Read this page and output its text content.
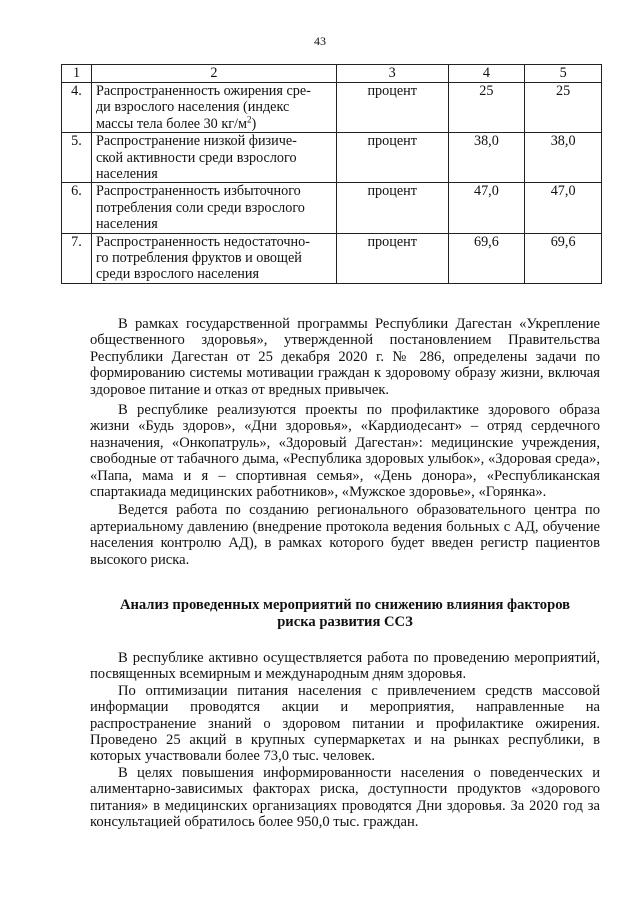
43
1	2	3	4	5
4.	Распространенность ожирения сре-
ди взрослого населения (индекс
массы тела более 30 $кг/м^2$)	процент	25	25
5.	Распространение низкой физиче-
ской активности среди взрослого
населения	процент	38,0	38,0
6.	Распространенность избыточного
потребления соли среди взрослого
населения	процент	47,0	47,0
7.	Распространенность недостаточно-
го потребления фруктов и овощей
среди взрослого населения	процент	69,6	69,6

В рамках государственной программы Республики Дагестан «Укрепление общественного здоровья», утвержденной постановлением Правительства Республики Дагестан от 25 декабря 2020 г. № 286, определены задачи по формированию системы мотивации граждан к здоровому образу жизни, включая здоровое питание и отказ от вредных привычек.

В республике реализуются проекты по профилактике здорового образа жизни «Будь здоров», «Дни здоровья», «Кардиодесант» – отряд сердечного назначения, «Онкопатруль», «Здоровый Дагестан»: медицинские учреждения, свободные от табачного дыма, «Республика здоровых улыбок», «Здоровая среда», «Папа, мама и я – спортивная семья», «День донора», «Республиканская спартакиада медицинских работников», «Мужское здоровье», «Горянка».

Ведется работа по созданию регионального образовательного центра по артериальному давлению (внедрение протокола ведения больных с АД, обучение населения контролю АД), в рамках которого будет введен регистр пациентов высокого риска.

Анализ проведенных мероприятий по снижению влияния факторов

риска развития ССЗ

В республике активно осуществляется работа по проведению мероприятий, посвященных всемирным и международным дням здоровья.

По оптимизации питания населения с привлечением средств массовой информации проводятся акции и мероприятия, направленные на распространение знаний о здоровом питании и профилактике ожирения. Проведено 25 акций в крупных супермаркетах и на рынках республики, в которых участвовали более 73,0 тыс. человек.

В целях повышения информированности населения о поведенческих и алиментарно-зависимых факторах риска, доступности продуктов «здорового питания» в медицинских организациях проводятся Дни здоровья. За 2020 год за консультацией обратилось более 950,0 тыс. граждан.
